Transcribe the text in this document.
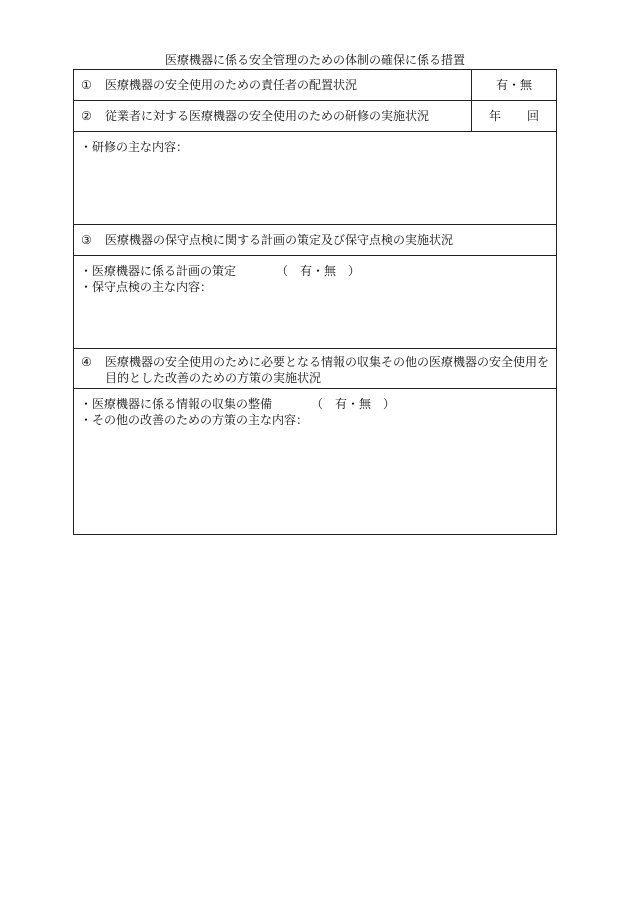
医療機器に係る安全管理のための体制の確保に係る措置
①	医療機器の安全使用のための責任者の配置状況	有・無
②	従業者に対する医療機器の安全使用のための研修の実施状況	年 回
・研修の主な内容：
③	医療機器の保守点検に関する計画の策定及び保守点検の実施状況
・医療機器に係る計画の策定	（　有・無　）
・保守点検の主な内容：
④	医療機器の安全使用のために必要となる情報の収集その他の医療機器の安全使用を
目的とした改善のための方策の実施状況
・医療機器に係る情報の収集の整備	（　有・無　）
・その他の改善のための方策の主な内容：
